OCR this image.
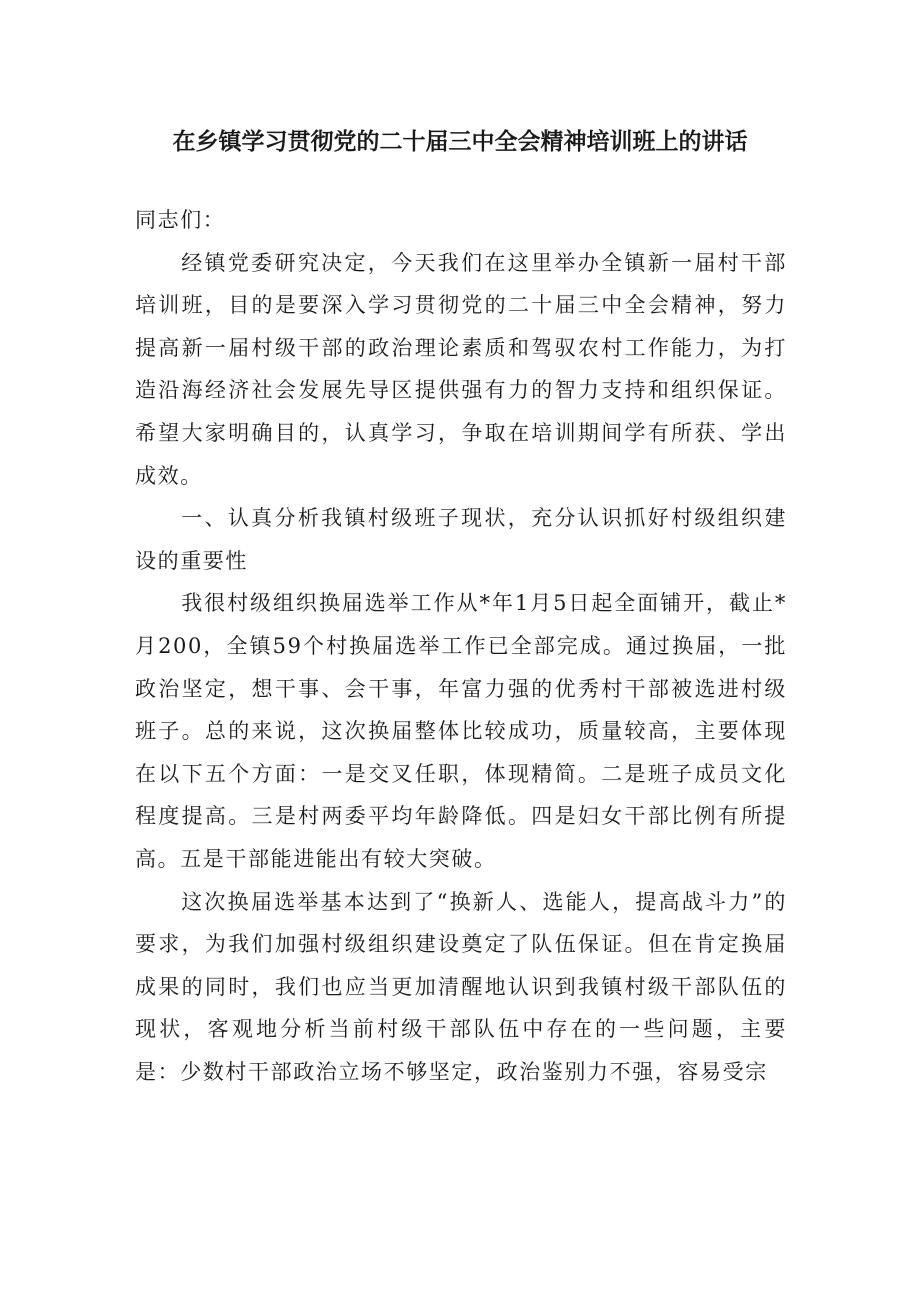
在乡镇学习贯彻党的二十届三中全会精神培训班上的讲话

同志们：

经镇党委研究决定，今天我们在这里举办全镇新一届村干部培训班，目的是要深入学习贯彻党的二十届三中全会精神，努力提高新一届村级干部的政治理论素质和驾驭农村工作能力，为打造沿海经济社会发展先导区提供强有力的智力支持和组织保证。希望大家明确目的，认真学习，争取在培训期间学有所获、学出成效。

一、认真分析我镇村级班子现状，充分认识抓好村级组织建设的重要性

我很村级组织换届选举工作从*年1月5日起全面铺开，截止*月200，全镇59个村换届选举工作已全部完成。通过换届，一批政治坚定，想干事、会干事，年富力强的优秀村干部被选进村级班子。总的来说，这次换届整体比较成功，质量较高，主要体现在以下五个方面：一是交叉任职，体现精简。二是班子成员文化程度提高。三是村两委平均年龄降低。四是妇女干部比例有所提高。五是干部能进能出有较大突破。

这次换届选举基本达到了“换新人、选能人，提高战斗力”的要求，为我们加强村级组织建设奠定了队伍保证。但在肯定换届成果的同时，我们也应当更加清醒地认识到我镇村级干部队伍的现状，客观地分析当前村级干部队伍中存在的一些问题，主要是：少数村干部政治立场不够坚定，政治鉴别力不强，容易受宗
